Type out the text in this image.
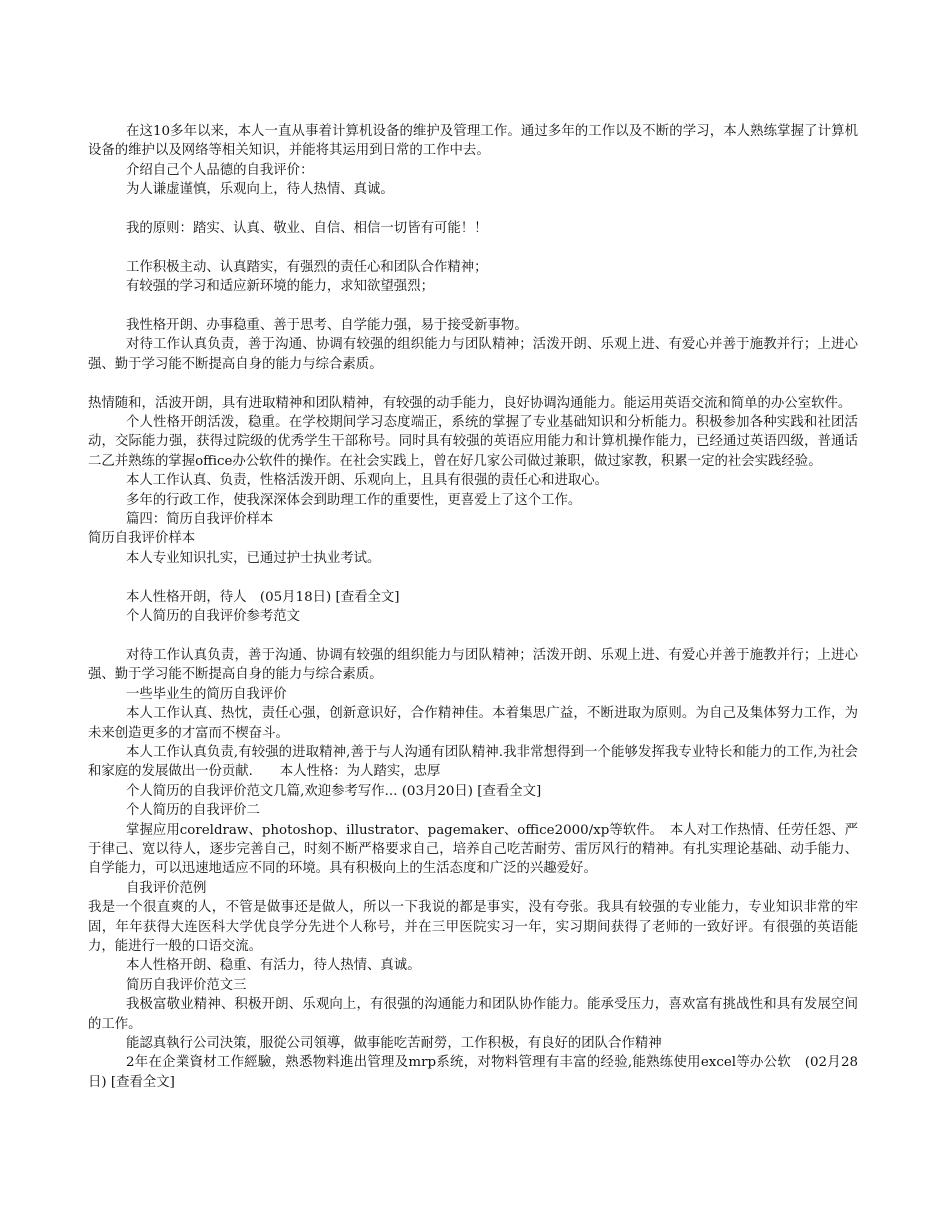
在这10多年以来，本人一直从事着计算机设备的维护及管理工作。通过多年的工作以及不断的学习，本人熟练掌握了计算机设备的维护以及网络等相关知识，并能将其运用到日常的工作中去。

介绍自己个人品德的自我评价：

为人谦虚谨慎，乐观向上，待人热情、真诚。

我的原则：踏实、认真、敬业、自信、相信一切皆有可能！！

工作积极主动、认真踏实，有强烈的责任心和团队合作精神；

有较强的学习和适应新环境的能力，求知欲望强烈；

我性格开朗、办事稳重、善于思考、自学能力强，易于接受新事物。

对待工作认真负责，善于沟通、协调有较强的组织能力与团队精神；活泼开朗、乐观上进、有爱心并善于施教并行；上进心强、勤于学习能不断提高自身的能力与综合素质。

热情随和，活波开朗，具有进取精神和团队精神，有较强的动手能力，良好协调沟通能力。能运用英语交流和简单的办公室软件。

个人性格开朗活泼，稳重。在学校期间学习态度端正，系统的掌握了专业基础知识和分析能力。积极参加各种实践和社团活动，交际能力强，获得过院级的优秀学生干部称号。同时具有较强的英语应用能力和计算机操作能力，已经通过英语四级，普通话二乙并熟练的掌握office办公软件的操作。在社会实践上，曾在好几家公司做过兼职，做过家教，积累一定的社会实践经验。

本人工作认真、负责，性格活泼开朗、乐观向上，且具有很强的责任心和进取心。

多年的行政工作，使我深深体会到助理工作的重要性，更喜爱上了这个工作。

篇四：简历自我评价样本

简历自我评价样本

本人专业知识扎实，已通过护士执业考试。

本人性格开朗，待人　(05月18日) [查看全文]

个人简历的自我评价参考范文

对待工作认真负责，善于沟通、协调有较强的组织能力与团队精神；活泼开朗、乐观上进、有爱心并善于施教并行；上进心强、勤于学习能不断提高自身的能力与综合素质。

一些毕业生的简历自我评价

本人工作认真、热忱，责任心强，创新意识好，合作精神佳。本着集思广益，不断进取为原则。为自己及集体努力工作，为未来创造更多的才富而不楔奋斗。

本人工作认真负责,有较强的进取精神,善于与人沟通有团队精神.我非常想得到一个能够发挥我专业特长和能力的工作,为社会和家庭的发展做出一份贡献.　　本人性格：为人踏实，忠厚

个人简历的自我评价范文几篇,欢迎参考写作... (03月20日) [查看全文]

个人简历的自我评价二

掌握应用coreldraw、photoshop、illustrator、pagemaker、office2000/xp等软件。　本人对工作热情、任劳任怨、严于律己、宽以待人，逐步完善自己，时刻不断严格要求自己，培养自己吃苦耐劳、雷厉风行的精神。有扎实理论基础、动手能力、自学能力，可以迅速地适应不同的环境。具有积极向上的生活态度和广泛的兴趣爱好。

自我评价范例

我是一个很直爽的人，不管是做事还是做人，所以一下我说的都是事实，没有夸张。我具有较强的专业能力，专业知识非常的牢固，年年获得大连医科大学优良学分先进个人称号，并在三甲医院实习一年，实习期间获得了老师的一致好评。有很强的英语能力，能进行一般的口语交流。

本人性格开朗、稳重、有活力，待人热情、真诚。

简历自我评价范文三

我极富敬业精神、积极开朗、乐观向上，有很强的沟通能力和团队协作能力。能承受压力，喜欢富有挑战性和具有发展空间的工作。

能認真執行公司決策，服從公司領導，做事能吃苦耐勞，工作积极，有良好的团队合作精神

2年在企業資材工作經驗，熟悉物料進出管理及mrp系统，对物料管理有丰富的经验,能熟练使用excel等办公软　(02月28日) [查看全文]
